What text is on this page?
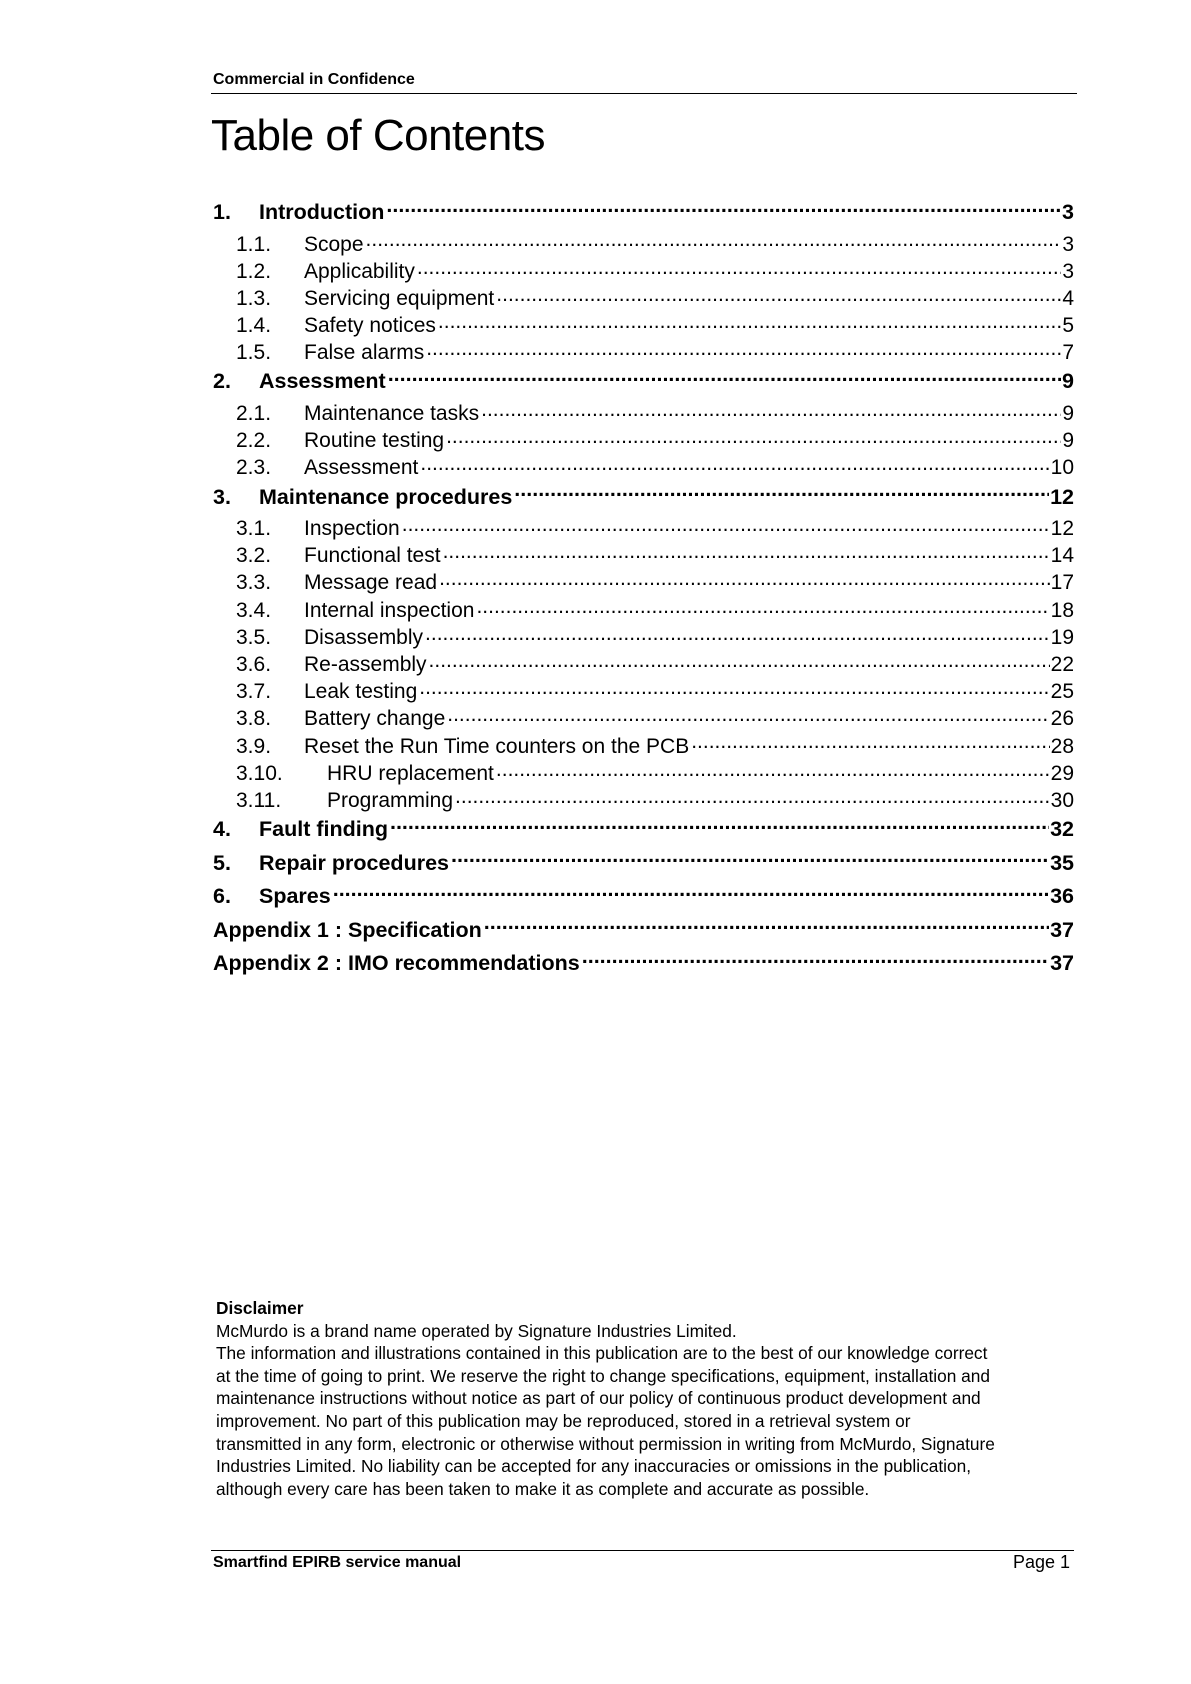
Commercial in Confidence
Table of Contents
1.	Introduction .....	3
1.1.	Scope .....	3
1.2.	Applicability .....	3
1.3.	Servicing equipment .....	4
1.4.	Safety notices .....	5
1.5.	False alarms .....	7
2.	Assessment .....	9
2.1.	Maintenance tasks .....	9
2.2.	Routine testing .....	9
2.3.	Assessment .....	10
3.	Maintenance procedures .....	12
3.1.	Inspection .....	12
3.2.	Functional test .....	14
3.3.	Message read .....	17
3.4.	Internal inspection .....	18
3.5.	Disassembly .....	19
3.6.	Re-assembly .....	22
3.7.	Leak testing .....	25
3.8.	Battery change .....	26
3.9.	Reset the Run Time counters on the PCB .....	28
3.10.	HRU replacement .....	29
3.11.	Programming .....	30
4.	Fault finding .....	32
5.	Repair procedures .....	35
6.	Spares .....	36
Appendix 1 : Specification .....	37
Appendix 2 : IMO recommendations .....	37
Disclaimer
McMurdo is a brand name operated by Signature Industries Limited.
The information and illustrations contained in this publication are to the best of our knowledge correct
at the time of going to print. We reserve the right to change specifications, equipment, installation and
maintenance instructions without notice as part of our policy of continuous product development and
improvement. No part of this publication may be reproduced, stored in a retrieval system or
transmitted in any form, electronic or otherwise without permission in writing from McMurdo, Signature
Industries Limited. No liability can be accepted for any inaccuracies or omissions in the publication,
although every care has been taken to make it as complete and accurate as possible.
Smartfind EPIRB service manual	Page 1
